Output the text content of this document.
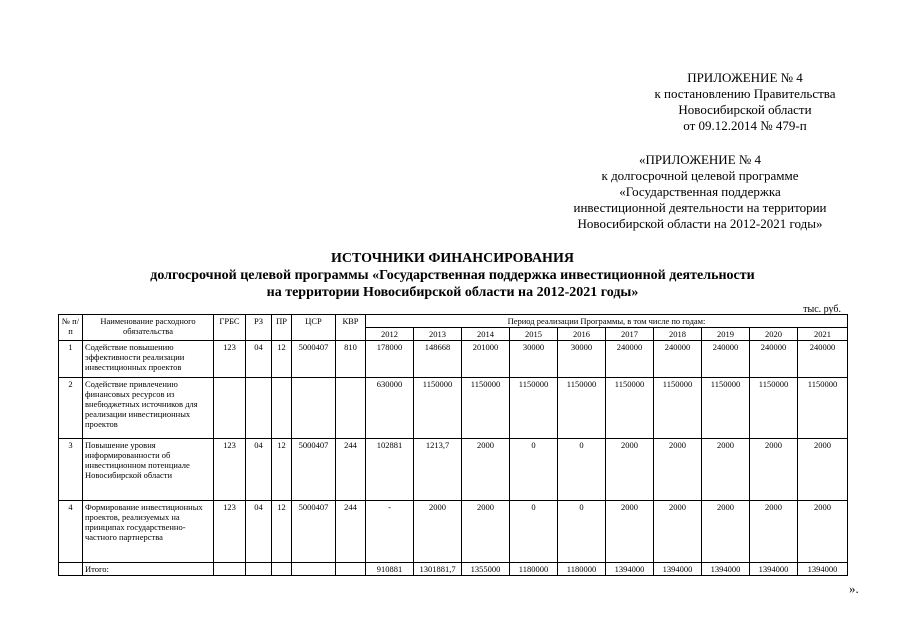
ПРИЛОЖЕНИЕ № 4
к постановлению Правительства
Новосибирской области
от 09.12.2014 № 479-п
«ПРИЛОЖЕНИЕ № 4
к долгосрочной целевой программе
«Государственная поддержка
инвестиционной деятельности на территории
Новосибирской области на 2012-2021 годы»
ИСТОЧНИКИ ФИНАНСИРОВАНИЯ
долгосрочной целевой программы «Государственная поддержка инвестиционной деятельности
на территории Новосибирской области на 2012-2021 годы»
тыс. руб.
№ п/п	Наименование расходного обязательства	ГРБС	РЗ	ПР	ЦСР	КВР	Период реализации Программы, в том числе по годам:									
							2012	2013	2014	2015	2016	2017	2018	2019	2020	2021
1	Содействие повышению эффективности реализации инвестиционных проектов	123	04	12	5000407	810	178000	148668	201000	30000	30000	240000	240000	240000	240000	240000
2	Содействие привлечению финансовых ресурсов из внебюджетных источников для реализации инвестиционных проектов						630000	1150000	1150000	1150000	1150000	1150000	1150000	1150000	1150000	1150000
3	Повышение уровня информированности об инвестиционном потенциале Новосибирской области	123	04	12	5000407	244	102881	1213,7	2000	0	0	2000	2000	2000	2000	2000
4	Формирование инвестиционных проектов, реализуемых на принципах государственно-частного партнерства	123	04	12	5000407	244	-	2000	2000	0	0	2000	2000	2000	2000	2000
	Итого:						910881	1301881,7	1355000	1180000	1180000	1394000	1394000	1394000	1394000	1394000
».
